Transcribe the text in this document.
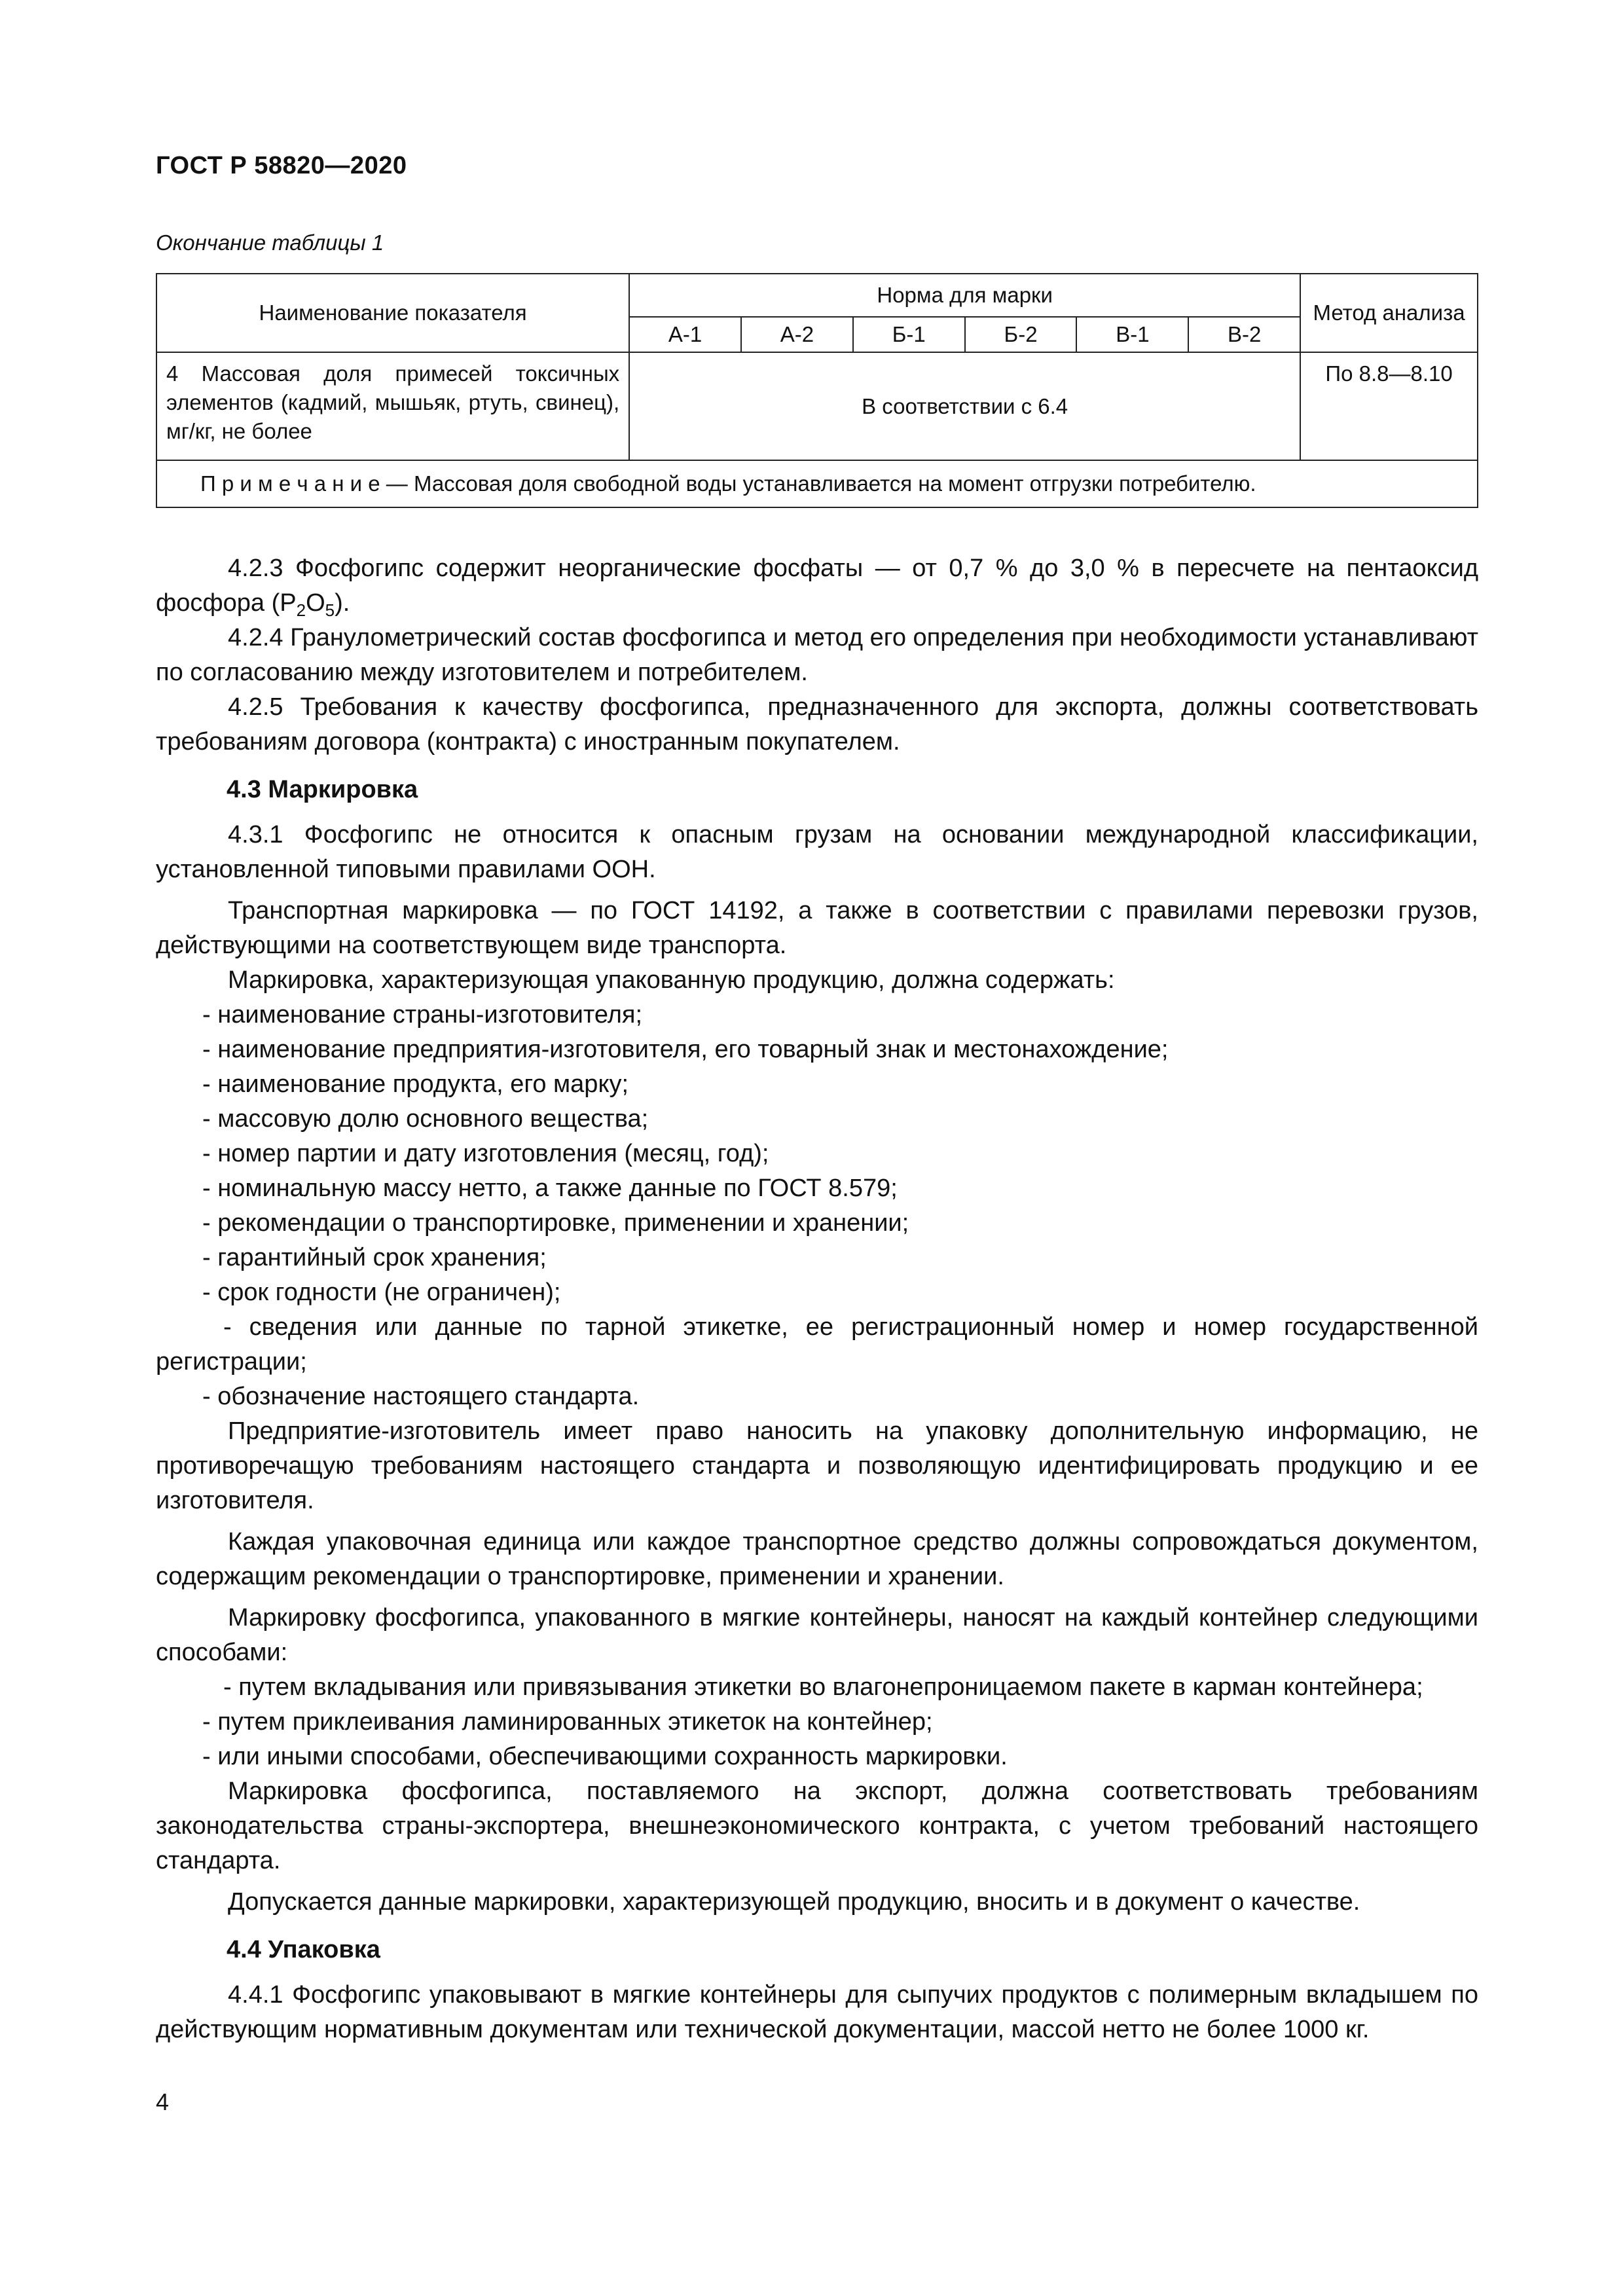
ГОСТ Р 58820—2020
Окончание таблицы 1
Наименование показателя	Норма для марки						Метод анализа
	А-1	А-2	Б-1	Б-2	В-1	В-2	
4 Массовая доля примесей токсичных элементов (кадмий, мышьяк, ртуть, свинец), мг/кг, не более	В соответствии с 6.4						По 8.8—8.10
П р и м е ч а н и е — Массовая доля свободной воды устанавливается на момент отгрузки потребителю.							

4.2.3 Фосфогипс содержит неорганические фосфаты — от 0,7 % до 3,0 % в пересчете на пентаоксид фосфора $(P_2O_5)$.

4.2.4 Гранулометрический состав фосфогипса и метод его определения при необходимости устанавливают по согласованию между изготовителем и потребителем.

4.2.5 Требования к качеству фосфогипса, предназначенного для экспорта, должны соответствовать требованиям договора (контракта) с иностранным покупателем.

4.3 Маркировка

4.3.1 Фосфогипс не относится к опасным грузам на основании международной классификации, установленной типовыми правилами ООН.

Транспортная маркировка — по ГОСТ 14192, а также в соответствии с правилами перевозки грузов, действующими на соответствующем виде транспорта.

Маркировка, характеризующая упакованную продукцию, должна содержать:

- наименование страны-изготовителя;

- наименование предприятия-изготовителя, его товарный знак и местонахождение;

- наименование продукта, его марку;

- массовую долю основного вещества;

- номер партии и дату изготовления (месяц, год);

- номинальную массу нетто, а также данные по ГОСТ 8.579;

- рекомендации о транспортировке, применении и хранении;

- гарантийный срок хранения;

- срок годности (не ограничен);

- сведения или данные по тарной этикетке, ее регистрационный номер и номер государственной регистрации;

- обозначение настоящего стандарта.

Предприятие-изготовитель имеет право наносить на упаковку дополнительную информацию, не противоречащую требованиям настоящего стандарта и позволяющую идентифицировать продукцию и ее изготовителя.

Каждая упаковочная единица или каждое транспортное средство должны сопровождаться документом, содержащим рекомендации о транспортировке, применении и хранении.

Маркировку фосфогипса, упакованного в мягкие контейнеры, наносят на каждый контейнер следующими способами:

- путем вкладывания или привязывания этикетки во влагонепроницаемом пакете в карман контейнера;

- путем приклеивания ламинированных этикеток на контейнер;

- или иными способами, обеспечивающими сохранность маркировки.

Маркировка фосфогипса, поставляемого на экспорт, должна соответствовать требованиям законодательства страны-экспортера, внешнеэкономического контракта, с учетом требований настоящего стандарта.

Допускается данные маркировки, характеризующей продукцию, вносить и в документ о качестве.

4.4 Упаковка

4.4.1 Фосфогипс упаковывают в мягкие контейнеры для сыпучих продуктов с полимерным вкладышем по действующим нормативным документам или технической документации, массой нетто не более 1000 кг.

4
